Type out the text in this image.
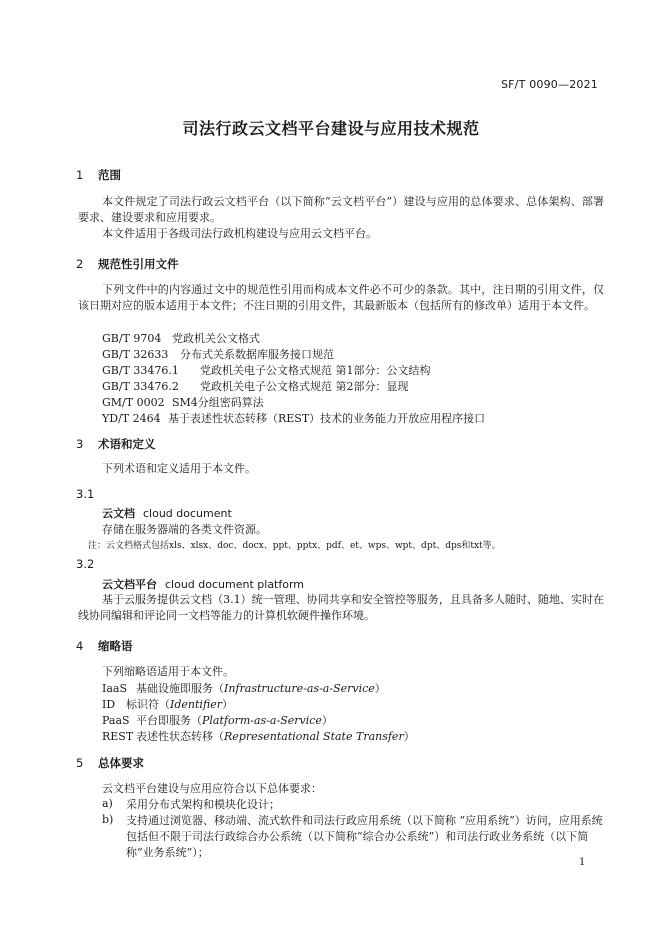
SF/T 0090—2021
司法行政云文档平台建设与应用技术规范
1 范围
本文件规定了司法行政云文档平台（以下简称“云文档平台”）建设与应用的总体要求、总体架构、部署要求、建设要求和应用要求。
本文件适用于各级司法行政机构建设与应用云文档平台。
2 规范性引用文件
下列文件中的内容通过文中的规范性引用而构成本文件必不可少的条款。其中，注日期的引用文件，仅该日期对应的版本适用于本文件；不注日期的引用文件，其最新版本（包括所有的修改单）适用于本文件。
GB/T 9704 党政机关公文格式
GB/T 32633 分布式关系数据库服务接口规范
GB/T 33476.1 党政机关电子公文格式规范 第1部分：公文结构
GB/T 33476.2 党政机关电子公文格式规范 第2部分：显现
GM/T 0002 SM4分组密码算法
YD/T 2464 基于表述性状态转移（REST）技术的业务能力开放应用程序接口
3 术语和定义
下列术语和定义适用于本文件。
3.1
云文档 cloud document
存储在服务器端的各类文件资源。
注：云文档格式包括xls、xlsx、doc、docx、ppt、pptx、pdf、et、wps、wpt、dpt、dps和txt等。
3.2
云文档平台 cloud document platform
基于云服务提供云文档（3.1）统一管理、协同共享和安全管控等服务，且具备多人随时、随地、实时在线协同编辑和评论同一文档等能力的计算机软硬件操作环境。
4 缩略语
下列缩略语适用于本文件。
IaaS 基础设施即服务（Infrastructure-as-a-Service）
ID 标识符（Identifier）
PaaS 平台即服务（Platform-as-a-Service）
REST 表述性状态转移（Representational State Transfer）
5 总体要求
云文档平台建设与应用应符合以下总体要求：
a) 采用分布式架构和模块化设计；
b) 支持通过浏览器、移动端、流式软件和司法行政应用系统（以下简称 “应用系统”）访问，应用系统包括但不限于司法行政综合办公系统（以下简称“综合办公系统”）和司法行政业务系统（以下简称“业务系统”）；
1
